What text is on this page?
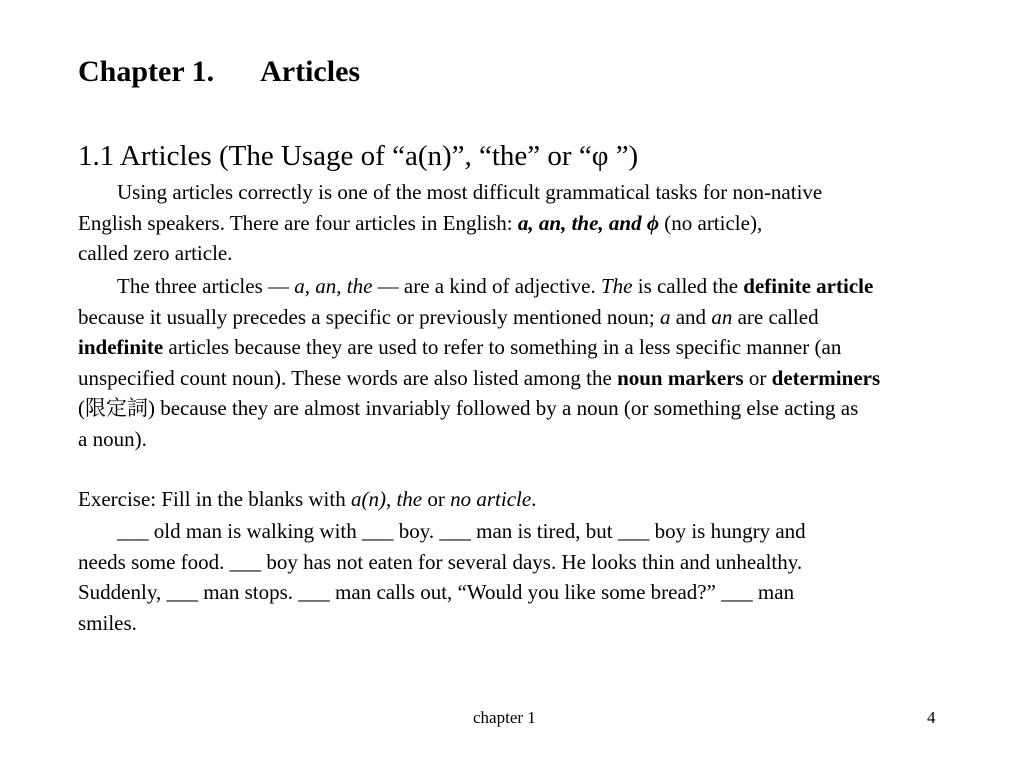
Chapter 1. Articles
1.1 Articles (The Usage of “a(n)”, “the” or “φ ”)
Using articles correctly is one of the most difficult grammatical tasks for non-native
English speakers. There are four articles in English: a, an, the, and ϕ (no article),
called zero article.
The three articles — a, an, the — are a kind of adjective. The is called the definite article
because it usually precedes a specific or previously mentioned noun; a and an are called
indefinite articles because they are used to refer to something in a less specific manner (an
unspecified count noun). These words are also listed among the noun markers or determiners
(限定詞) because they are almost invariably followed by a noun (or something else acting as
a noun).
Exercise: Fill in the blanks with a(n), the or no article.
___ old man is walking with ___ boy. ___ man is tired, but ___ boy is hungry and
needs some food. ___ boy has not eaten for several days. He looks thin and unhealthy.
Suddenly, ___ man stops. ___ man calls out, “Would you like some bread?” ___ man
smiles.
chapter 1	4
